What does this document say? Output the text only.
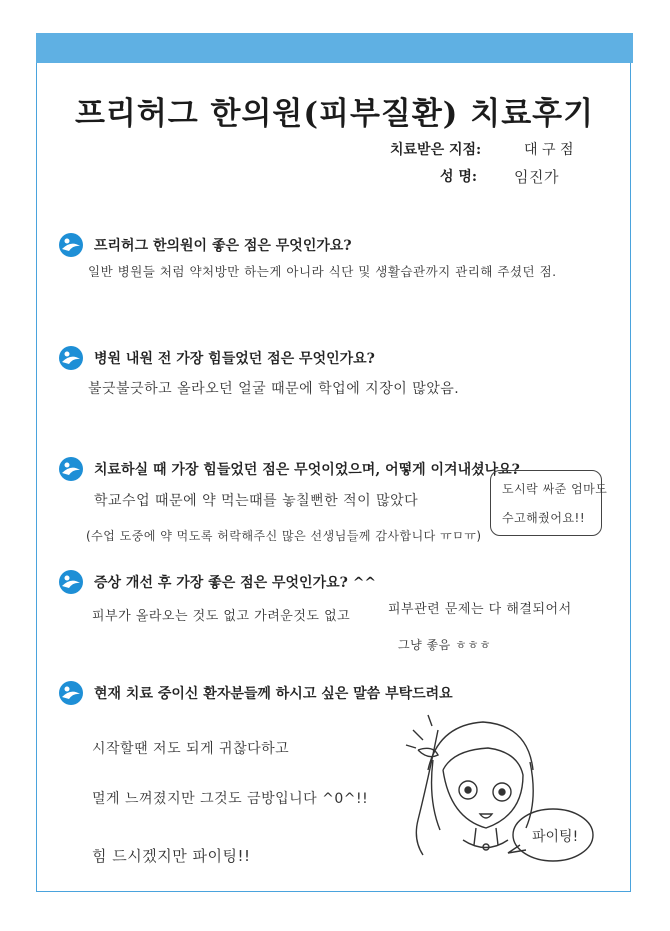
프리허그 한의원(피부질환) 치료후기
치료받은 지점:	대 구 점
성 명: 임진가
프리허그 한의원이 좋은 점은 무엇인가요?
일반 병원들 처럼 약처방만 하는게 아니라 식단 및 생활습관까지 관리해 주셨던 점.
병원 내원 전 가장 힘들었던 점은 무엇인가요?
불긋불긋하고 올라오던 얼굴 때문에 학업에 지장이 많았음.
치료하실 때 가장 힘들었던 점은 무엇이었으며, 어떻게 이겨내셨나요?
학교수업 때문에 약 먹는때를 놓칠뻔한 적이 많았다
(수업 도중에 약 먹도록 허락해주신 많은 선생님들께 감사합니다 ㅠㅁㅠ)
도시락 싸준 엄마도
수고해줬어요!!
증상 개선 후 가장 좋은 점은 무엇인가요? ^^
피부가 올라오는 것도 없고 가려운것도 없고	피부관련 문제는 다 해결되어서
그냥 좋음 ㅎㅎㅎ
현재 치료 중이신 환자분들께 하시고 싶은 말씀 부탁드려요
시작할땐 저도 되게 귀찮다하고
멀게 느껴졌지만 그것도 금방입니다 ^0^!!
힘 드시겠지만 파이팅!!
파이팅!
